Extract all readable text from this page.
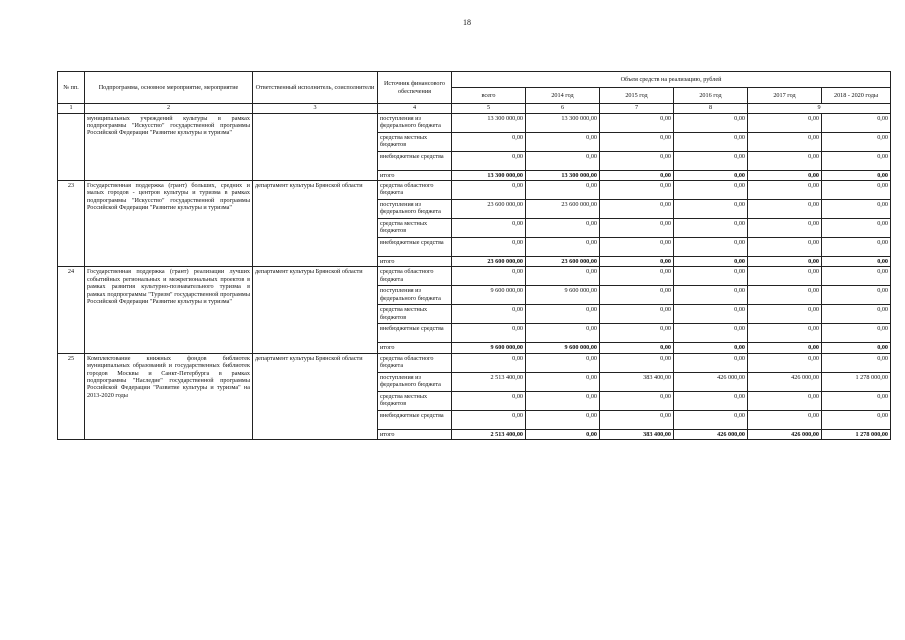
18
№ пп.	Подпрограмма, основное мероприятие, мероприятие	Ответственный исполнитель, соисполнители	Источник финансового обеспечения	Объем средств на реализацию, рублей					
				всего	2014 год	2015 год	2016 год	2017 год	2018 - 2020 годы
1	2	3	4	5	6	7	8	9	
	муниципальных учреждений культуры в рамках подпрограммы "Искусство" государственной программы Российской Федерации "Развитие культуры и туризма"		поступления из федерального бюджета	13 300 000,00	13 300 000,00	0,00	0,00	0,00	0,00
			средства местных бюджетов	0,00	0,00	0,00	0,00	0,00	0,00
			внебюджетные средства	0,00	0,00	0,00	0,00	0,00	0,00
			итого	13 300 000,00	13 300 000,00	0,00	0,00	0,00	0,00
23	Государственная поддержка (грант) больших, средних и малых городов - центров культуры и туризма в рамках подпрограммы "Искусство" государственной программы Российской Федерации "Развитие культуры и туризма"	департамент культуры Брянской области	средства областного бюджета	0,00	0,00	0,00	0,00	0,00	0,00
			поступления из федерального бюджета	23 600 000,00	23 600 000,00	0,00	0,00	0,00	0,00
			средства местных бюджетов	0,00	0,00	0,00	0,00	0,00	0,00
			внебюджетные средства	0,00	0,00	0,00	0,00	0,00	0,00
			итого	23 600 000,00	23 600 000,00	0,00	0,00	0,00	0,00
24	Государственная поддержка (грант) реализации лучших событийных региональных и межрегиональных проектов в рамках развития культурно-познавательного туризма в рамках подпрограммы "Туризм" государственной программы Российской Федерации "Развитие культуры и туризма"	департамент культуры Брянской области	средства областного бюджета	0,00	0,00	0,00	0,00	0,00	0,00
			поступления из федерального бюджета	9 600 000,00	9 600 000,00	0,00	0,00	0,00	0,00
			средства местных бюджетов	0,00	0,00	0,00	0,00	0,00	0,00
			внебюджетные средства	0,00	0,00	0,00	0,00	0,00	0,00
			итого	9 600 000,00	9 600 000,00	0,00	0,00	0,00	0,00
25	Комплектование книжных фондов библиотек муниципальных образований и государственных библиотек городов Москвы и Санкт-Петербурга в рамках подпрограммы "Наследие" государственной программы Российской Федерации "Развитие культуры и туризма" на 2013-2020 годы	департамент культуры Брянской области	средства областного бюджета	0,00	0,00	0,00	0,00	0,00	0,00
			поступления из федерального бюджета	2 513 400,00	0,00	383 400,00	426 000,00	426 000,00	1 278 000,00
			средства местных бюджетов	0,00	0,00	0,00	0,00	0,00	0,00
			внебюджетные средства	0,00	0,00	0,00	0,00	0,00	0,00
			итого	2 513 400,00	0,00	383 400,00	426 000,00	426 000,00	1 278 000,00
